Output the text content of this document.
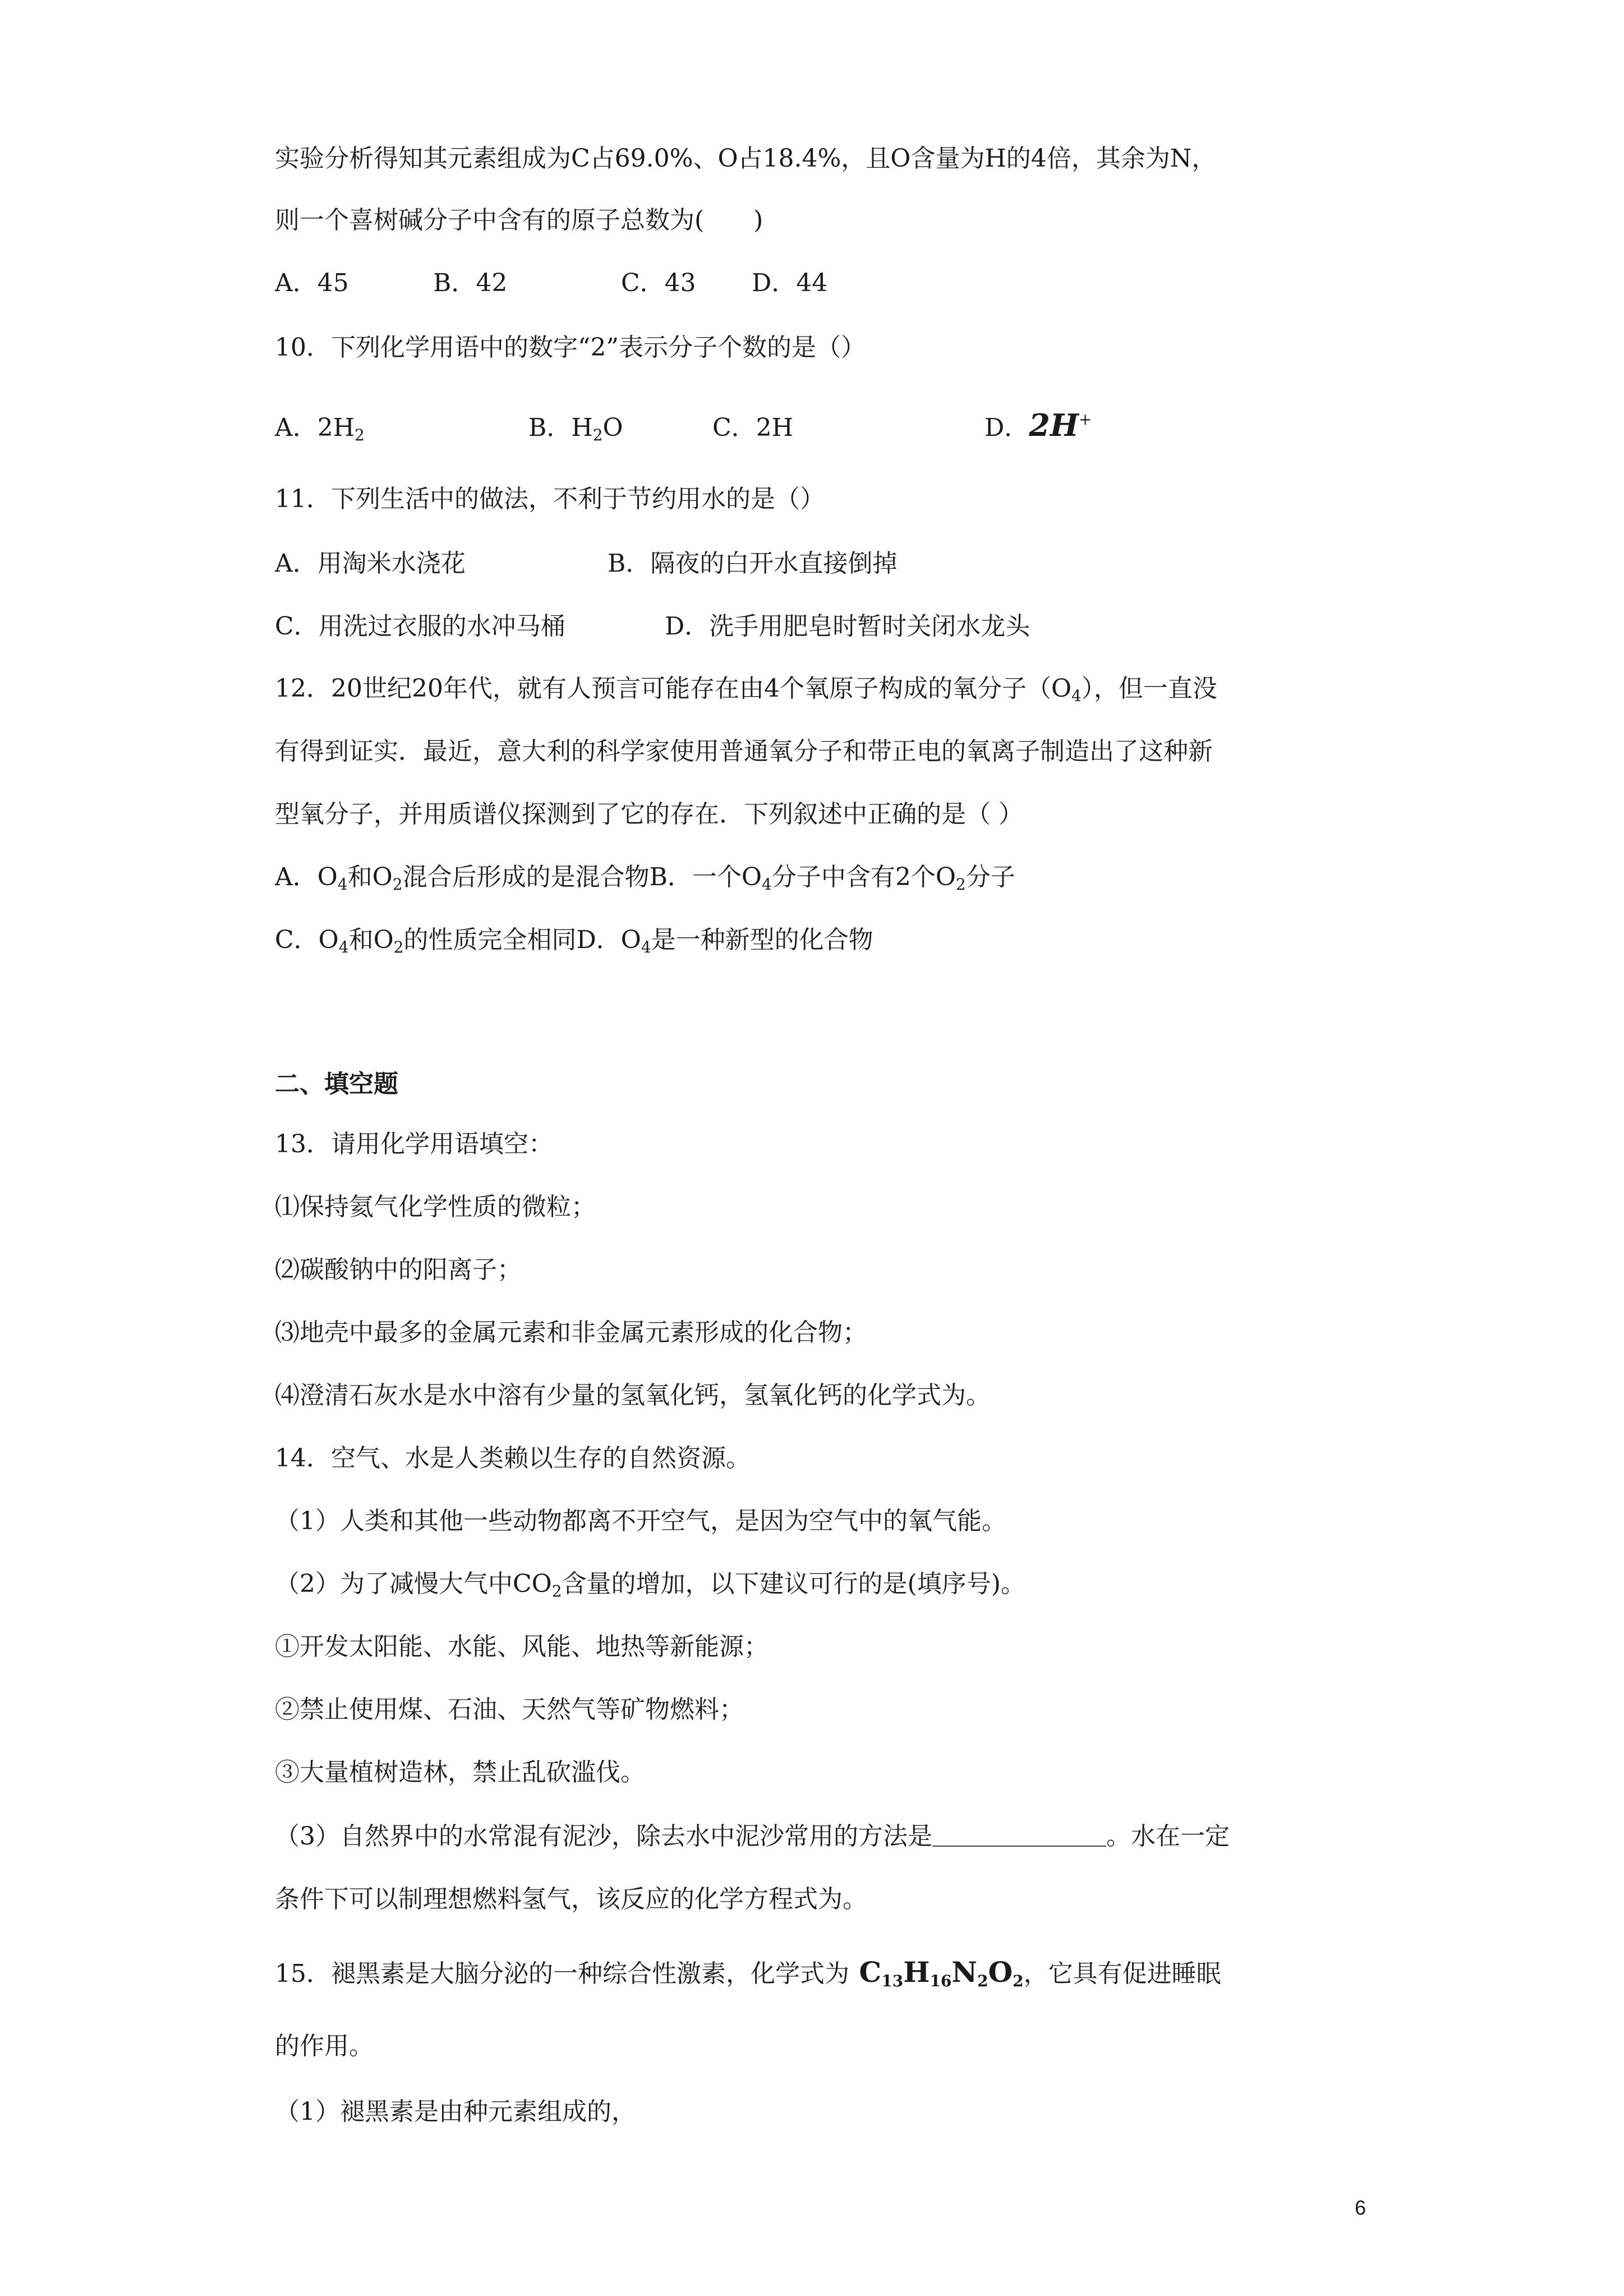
实验分析得知其元素组成为C占69.0%、O占18.4%，且O含量为H的4倍，其余为N，
则一个喜树碱分子中含有的原子总数为(　　)
A．45	B．42	C．43 D．44
10．下列化学用语中的数字“2”表示分子个数的是（）
A．$2H_2$	B．$H_2O$	C．2H	D．2H+
11．下列生活中的做法，不利于节约用水的是（）
A．用淘米水浇花	B．隔夜的白开水直接倒掉
C．用洗过衣服的水冲马桶	D．洗手用肥皂时暂时关闭水龙头
12．20世纪20年代，就有人预言可能存在由4个氧原子构成的氧分子$(O_4)$，但一直没
有得到证实．最近，意大利的科学家使用普通氧分子和带正电的氧离子制造出了这种新
型氧分子，并用质谱仪探测到了它的存在．下列叙述中正确的是（ ）
A．$O_4$和$O_2$混合后形成的是混合物B．一个$O_4$分子中含有2个$O_2$分子
C．$O_4$和$O_2$的性质完全相同D．$O_4$是一种新型的化合物
二、填空题
13．请用化学用语填空：
⑴保持氦气化学性质的微粒；
⑵碳酸钠中的阳离子；
⑶地壳中最多的金属元素和非金属元素形成的化合物；
⑷澄清石灰水是水中溶有少量的氢氧化钙，氢氧化钙的化学式为。
14．空气、水是人类赖以生存的自然资源。
（1）人类和其他一些动物都离不开空气，是因为空气中的氧气能。
（2）为了减慢大气中$CO_2$含量的增加，以下建议可行的是(填序号)。
①开发太阳能、水能、风能、地热等新能源；
②禁止使用煤、石油、天然气等矿物燃料；
③大量植树造林，禁止乱砍滥伐。
（3）自然界中的水常混有泥沙，除去水中泥沙常用的方法是	。水在一定
条件下可以制理想燃料氢气，该反应的化学方程式为。
15．褪黑素是大脑分泌的一种综合性激素，化学式为 $C_{13}H_{16}N_2O_2$，它具有促进睡眠
的作用。
（1）褪黑素是由种元素组成的，
6
